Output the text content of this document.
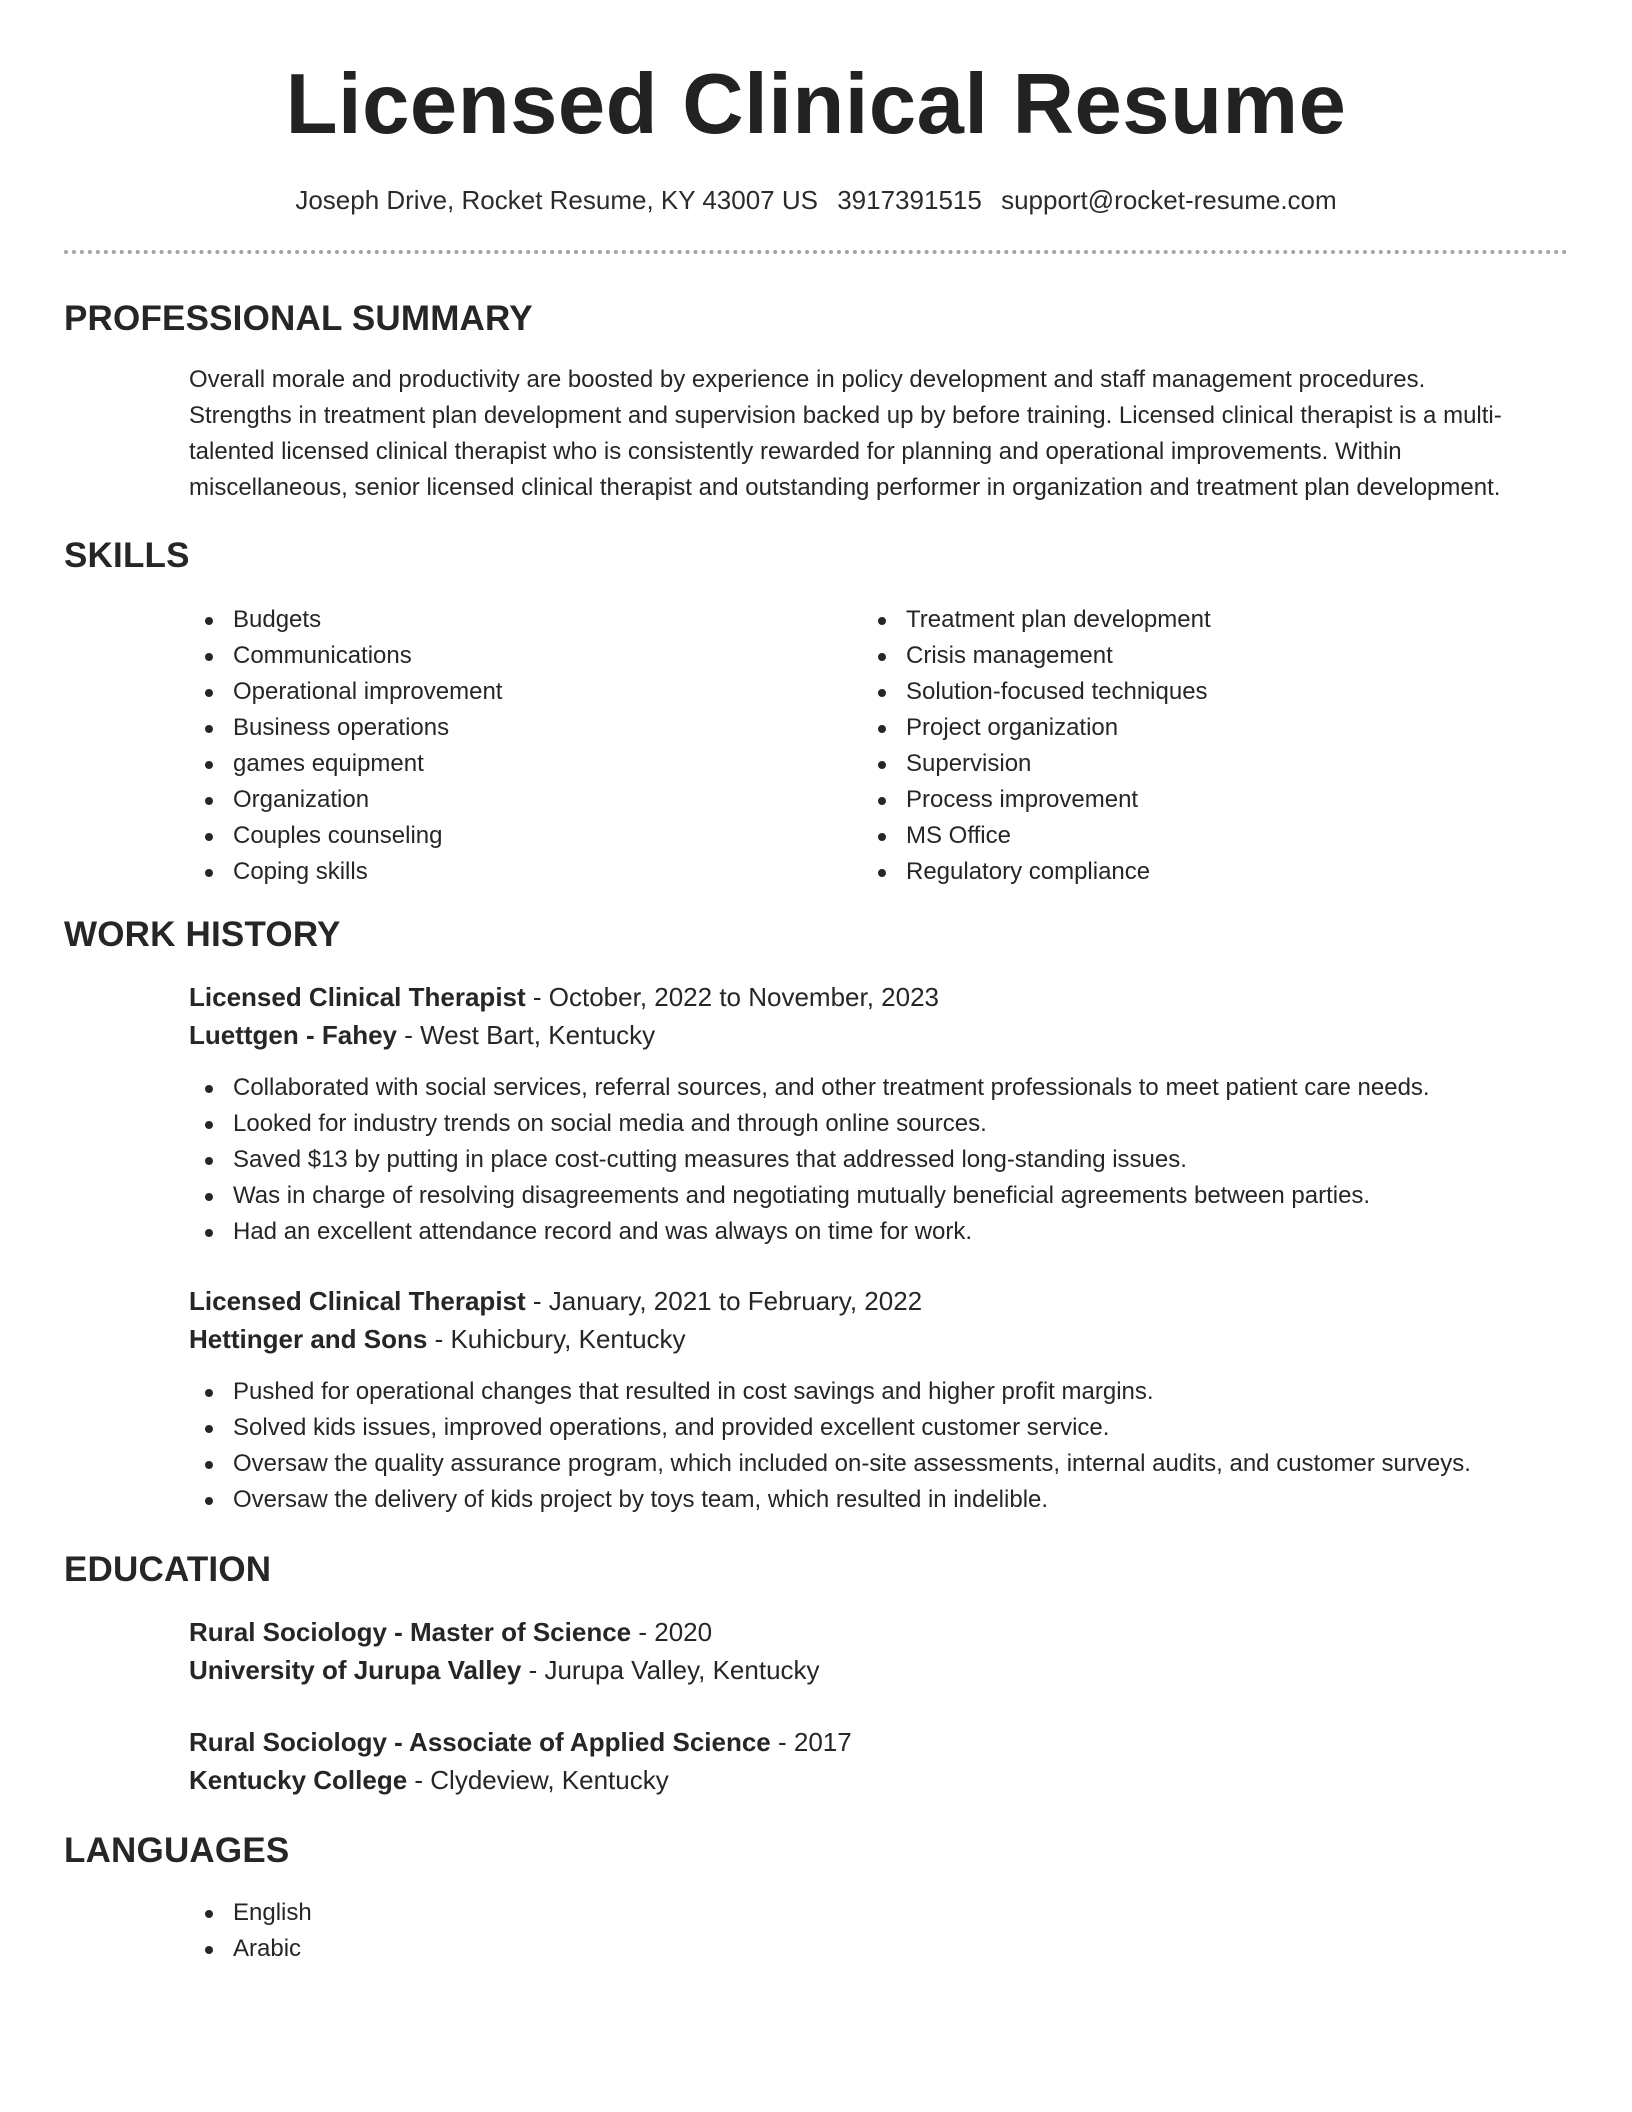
Licensed Clinical Resume
Joseph Drive, Rocket Resume, KY 43007 US 3917391515 support@rocket-resume.com
PROFESSIONAL SUMMARY

Overall morale and productivity are boosted by experience in policy development and staff management procedures.

Strengths in treatment plan development and supervision backed up by before training. Licensed clinical therapist is a multi-

talented licensed clinical therapist who is consistently rewarded for planning and operational improvements. Within

miscellaneous, senior licensed clinical therapist and outstanding performer in organization and treatment plan development.

SKILLS
Budgets
Communications
Operational improvement
Business operations
games equipment
Organization
Couples counseling
Coping skills
Treatment plan development
Crisis management
Solution-focused techniques
Project organization
Supervision
Process improvement
MS Office
Regulatory compliance
WORK HISTORY

Licensed Clinical Therapist - October, 2022 to November, 2023

Luettgen - Fahey - West Bart, Kentucky

Collaborated with social services, referral sources, and other treatment professionals to meet patient care needs.
Looked for industry trends on social media and through online sources.
Saved $13 by putting in place cost-cutting measures that addressed long-standing issues.
Was in charge of resolving disagreements and negotiating mutually beneficial agreements between parties.
Had an excellent attendance record and was always on time for work.

Licensed Clinical Therapist - January, 2021 to February, 2022

Hettinger and Sons - Kuhicbury, Kentucky

Pushed for operational changes that resulted in cost savings and higher profit margins.
Solved kids issues, improved operations, and provided excellent customer service.
Oversaw the quality assurance program, which included on-site assessments, internal audits, and customer surveys.
Oversaw the delivery of kids project by toys team, which resulted in indelible.
EDUCATION

Rural Sociology - Master of Science - 2020

University of Jurupa Valley - Jurupa Valley, Kentucky

Rural Sociology - Associate of Applied Science - 2017

Kentucky College - Clydeview, Kentucky

LANGUAGES
English
Arabic
